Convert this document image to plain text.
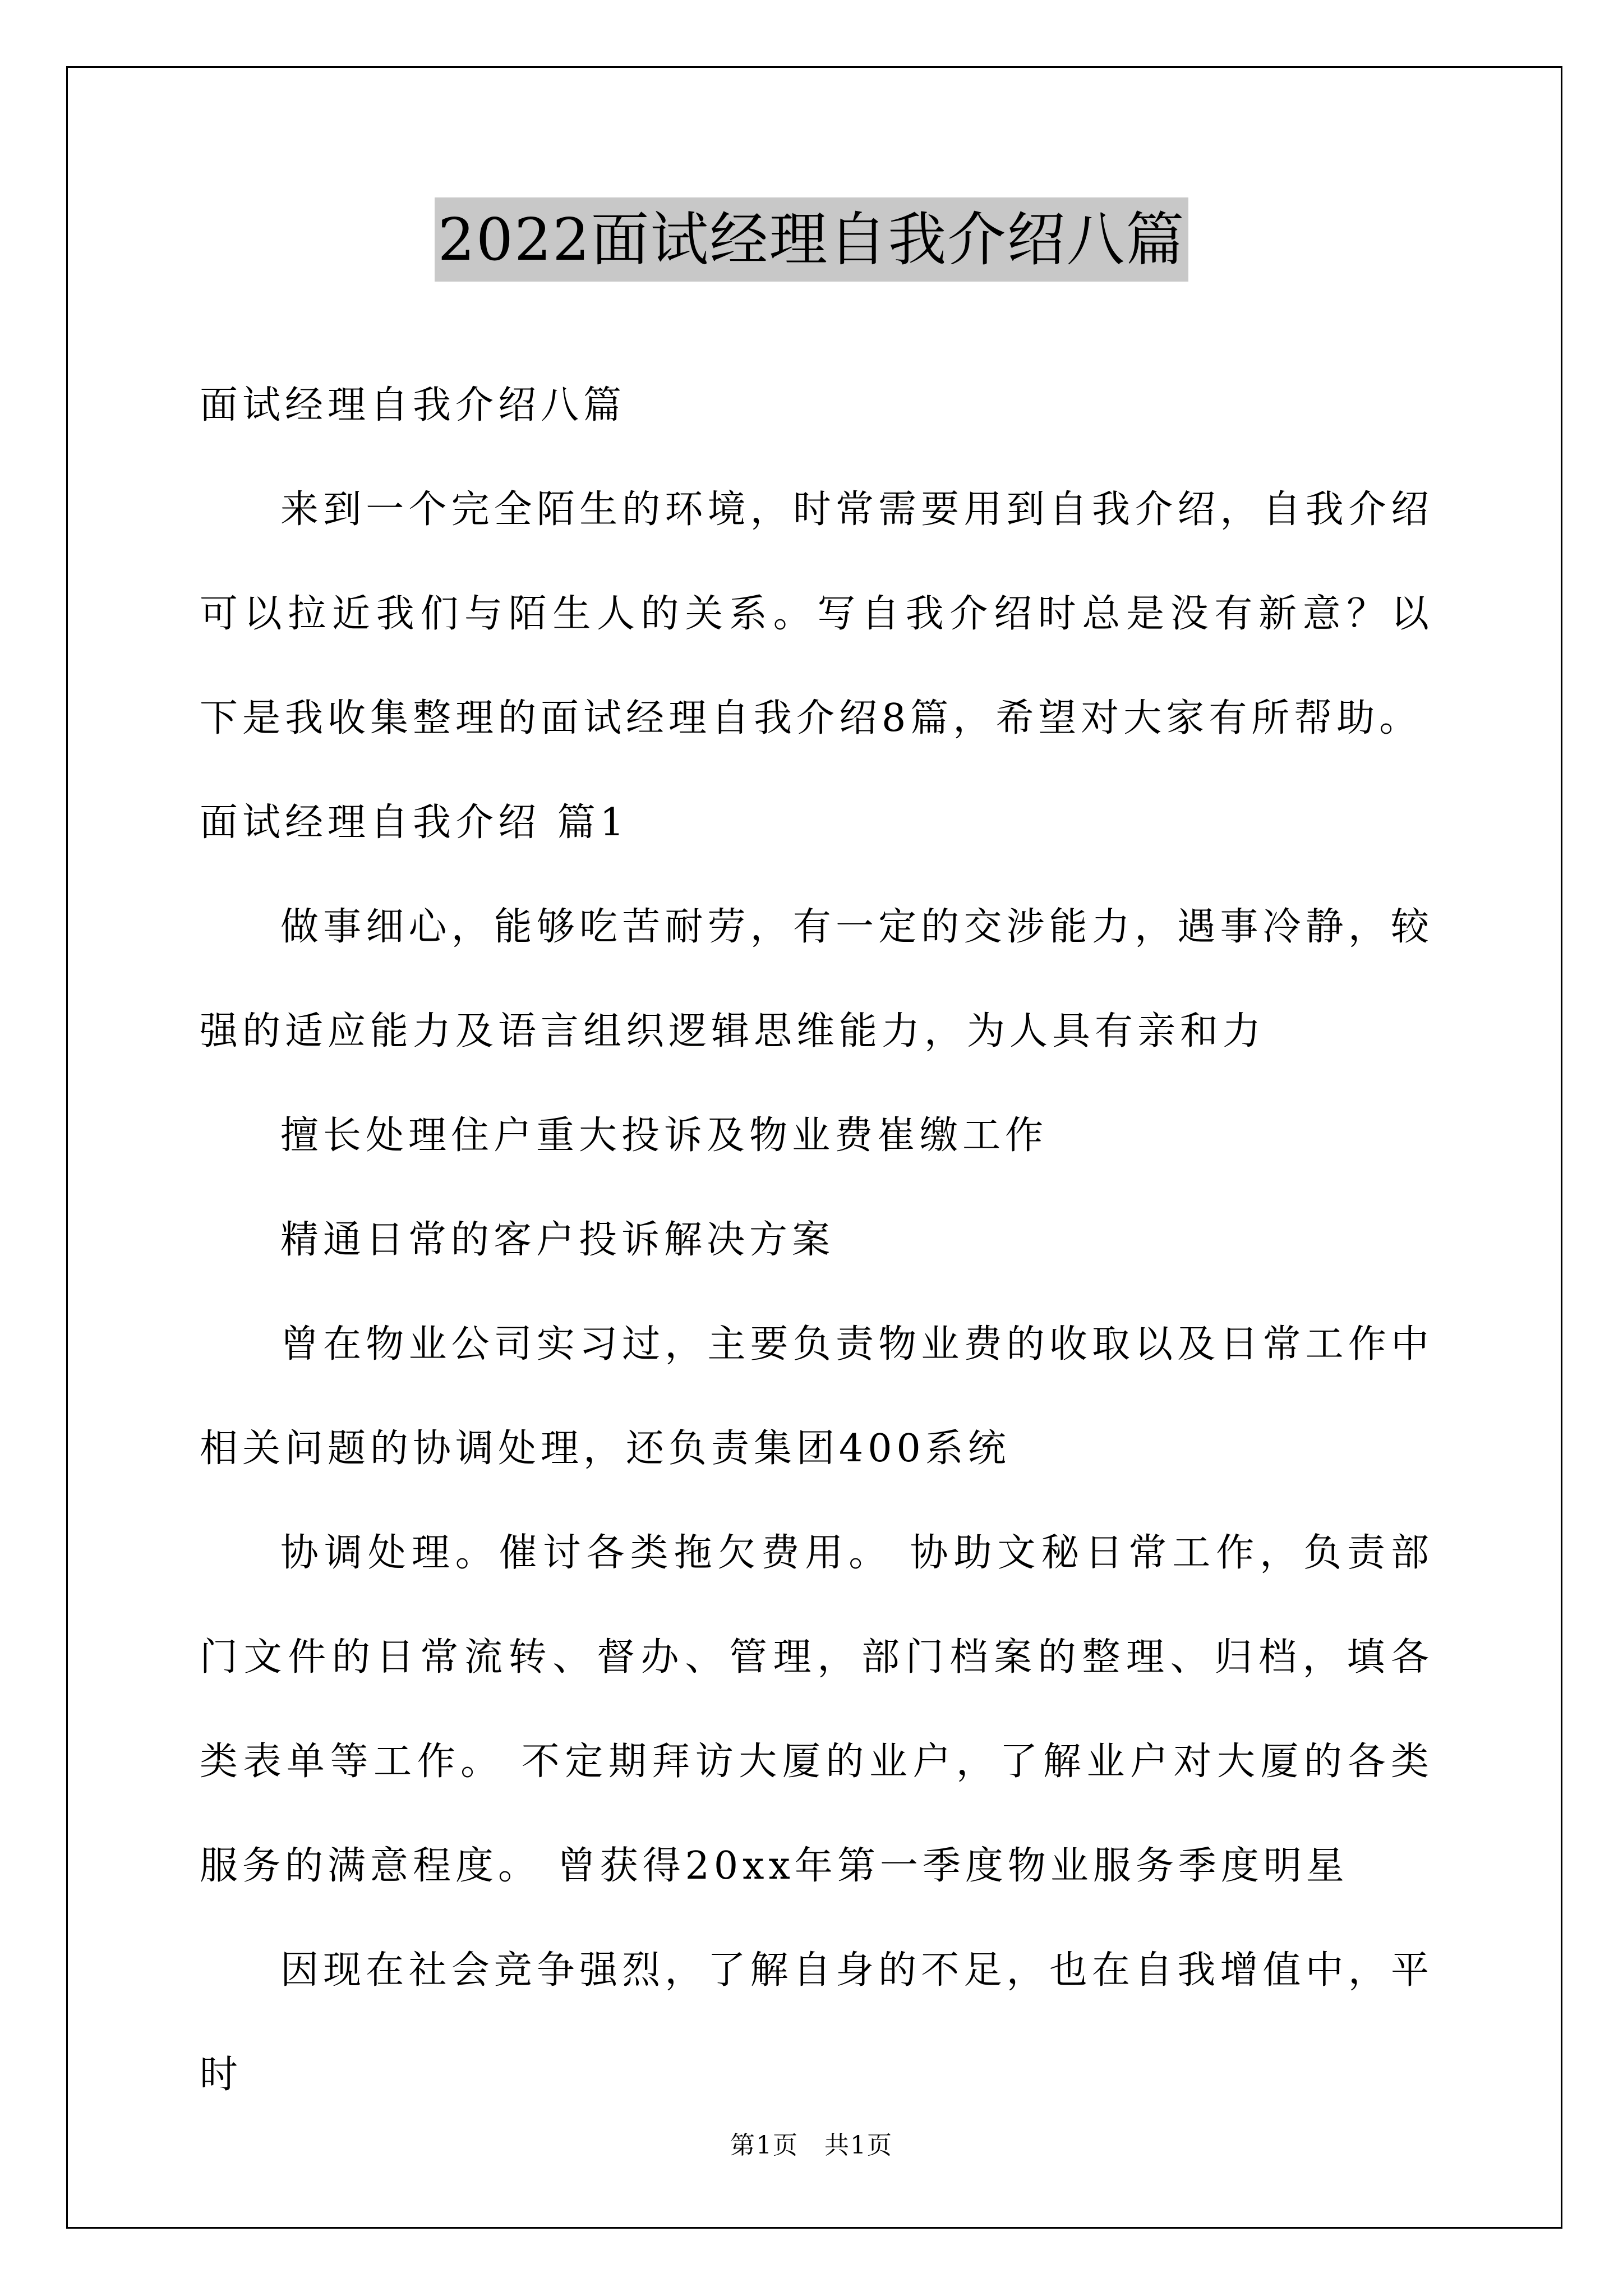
2022面试经理自我介绍八篇

面试经理自我介绍八篇

来到一个完全陌生的环境，时常需要用到自我介绍，自我介绍可以拉近我们与陌生人的关系。写自我介绍时总是没有新意？以下是我收集整理的面试经理自我介绍8篇，希望对大家有所帮助。

面试经理自我介绍 篇1

做事细心，能够吃苦耐劳，有一定的交涉能力，遇事冷静，较强的适应能力及语言组织逻辑思维能力，为人具有亲和力

擅长处理住户重大投诉及物业费崔缴工作

精通日常的客户投诉解决方案

曾在物业公司实习过，主要负责物业费的收取以及日常工作中相关问题的协调处理，还负责集团400系统

协调处理。催讨各类拖欠费用。 协助文秘日常工作，负责部门文件的日常流转、督办、管理，部门档案的整理、归档，填各类表单等工作。 不定期拜访大厦的业户，了解业户对大厦的各类服务的满意程度。 曾获得20xx年第一季度物业服务季度明星

因现在社会竞争强烈，了解自身的不足，也在自我增值中，平时

第1页　共1页
